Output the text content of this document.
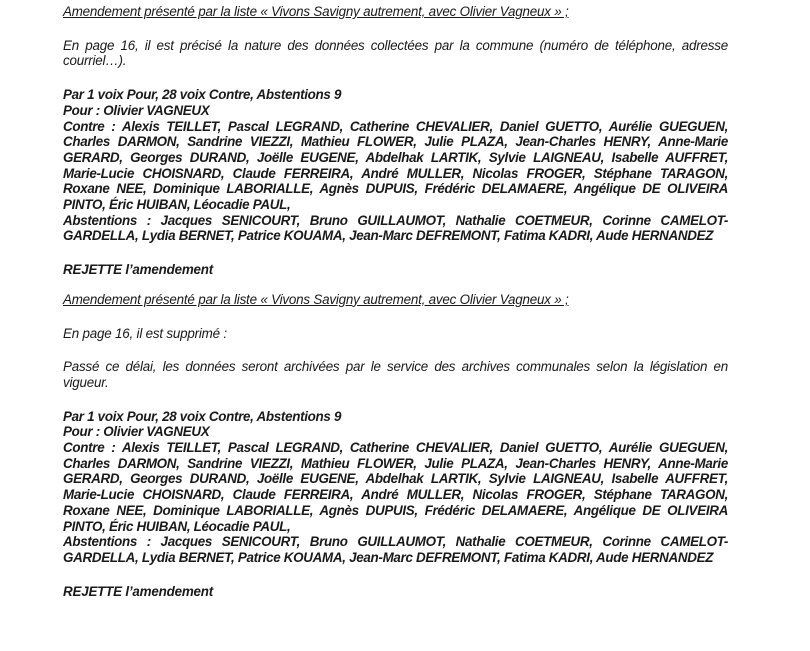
Amendement présenté par la liste « Vivons Savigny autrement, avec Olivier Vagneux » ;

En page 16, il est précisé la nature des données collectées par la commune (numéro de téléphone, adresse courriel…).

Par 1 voix Pour, 28 voix Contre, Abstentions 9
Pour : Olivier VAGNEUX
Contre : Alexis TEILLET, Pascal LEGRAND, Catherine CHEVALIER, Daniel GUETTO, Aurélie GUEGUEN, Charles DARMON, Sandrine VIEZZI, Mathieu FLOWER, Julie PLAZA, Jean-Charles HENRY, Anne-Marie GERARD, Georges DURAND, Joëlle EUGENE, Abdelhak LARTIK, Sylvie LAIGNEAU, Isabelle AUFFRET, Marie-Lucie CHOISNARD, Claude FERREIRA, André MULLER, Nicolas FROGER, Stéphane TARAGON, Roxane NEE, Dominique LABORIALLE, Agnès DUPUIS, Frédéric DELAMAERE, Angélique DE OLIVEIRA PINTO, Éric HUIBAN, Léocadie PAUL,
Abstentions : Jacques SENICOURT, Bruno GUILLAUMOT, Nathalie COETMEUR, Corinne CAMELOT-GARDELLA, Lydia BERNET, Patrice KOUAMA, Jean-Marc DEFREMONT, Fatima KADRI, Aude HERNANDEZ

REJETTE l’amendement

Amendement présenté par la liste « Vivons Savigny autrement, avec Olivier Vagneux » ;

En page 16, il est supprimé :

Passé ce délai, les données seront archivées par le service des archives communales selon la législation en vigueur.

Par 1 voix Pour, 28 voix Contre, Abstentions 9
Pour : Olivier VAGNEUX
Contre : Alexis TEILLET, Pascal LEGRAND, Catherine CHEVALIER, Daniel GUETTO, Aurélie GUEGUEN, Charles DARMON, Sandrine VIEZZI, Mathieu FLOWER, Julie PLAZA, Jean-Charles HENRY, Anne-Marie GERARD, Georges DURAND, Joëlle EUGENE, Abdelhak LARTIK, Sylvie LAIGNEAU, Isabelle AUFFRET, Marie-Lucie CHOISNARD, Claude FERREIRA, André MULLER, Nicolas FROGER, Stéphane TARAGON, Roxane NEE, Dominique LABORIALLE, Agnès DUPUIS, Frédéric DELAMAERE, Angélique DE OLIVEIRA PINTO, Éric HUIBAN, Léocadie PAUL,
Abstentions : Jacques SENICOURT, Bruno GUILLAUMOT, Nathalie COETMEUR, Corinne CAMELOT-GARDELLA, Lydia BERNET, Patrice KOUAMA, Jean-Marc DEFREMONT, Fatima KADRI, Aude HERNANDEZ

REJETTE l’amendement
